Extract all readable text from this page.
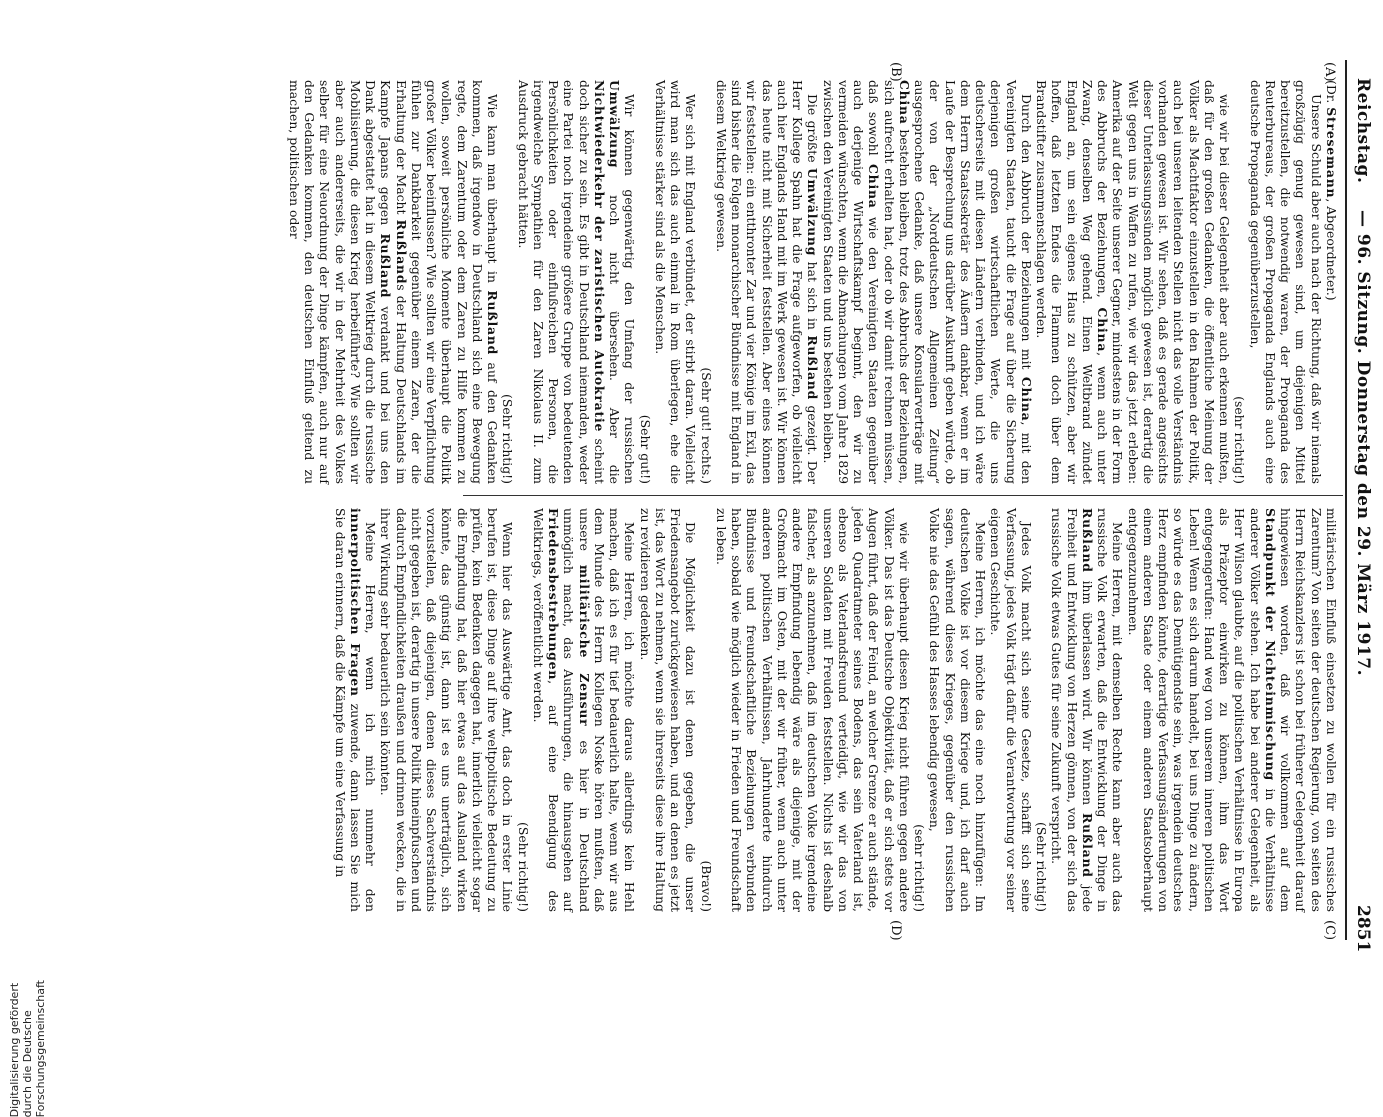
Reichstag.
— 96. Sitzung. Donnerstag den 29. März 1917.
2851
(A)
(B)
(C)
(D)

(Dr. Stresemann, Abgeordneter.)

Unsere Schuld aber auch nach der Richtung, daß wir niemals großzügig genug gewesen sind, um diejenigen Mittel bereitzustellen, die notwendig waren, der Propaganda des Reuterbureaus, der großen Propaganda Englands auch eine deutsche Propaganda gegenüberzustellen,

(sehr richtig!)

wie wir bei dieser Gelegenheit aber auch erkennen mußten, daß für den großen Gedanken, die öffentliche Meinung der Völker als Machtfaktor einzustellen in den Rahmen der Politik, auch bei unseren leitenden Stellen nicht das volle Verständnis vorhanden gewesen ist. Wir sehen, daß es gerade angesichts dieser Unterlassungssünden möglich gewesen ist, derartig die Welt gegen uns in Waffen zu rufen, wie wir das jetzt erleben: Amerika auf der Seite unserer Gegner, mindestens in der Form des Abbruchs der Beziehungen, China, wenn auch unter Zwang, denselben Weg gehend. Einen Weltbrand zündet England an, um sein eigenes Haus zu schützen, aber wir hoffen, daß letzten Endes die Flammen doch über dem Brandstifter zusammenschlagen werden.

Durch den Abbruch der Beziehungen mit China, mit den Vereinigten Staaten, taucht die Frage auf über die Sicherung derjenigen großen wirtschaftlichen Werte, die uns deutscherseits mit diesen Ländern verbinden, und ich wäre dem Herrn Staatssekretär des Äußern dankbar, wenn er im Laufe der Besprechung uns darüber Auskunft geben würde, ob der von der „Norddeutschen Allgemeinen Zeitung“ ausgesprochene Gedanke, daß unsere Konsularverträge mit China bestehen bleiben, trotz des Abbruchs der Beziehungen, sich aufrecht erhalten hat, oder ob wir damit rechnen müssen, daß sowohl China wie den Vereinigten Staaten gegenüber auch derjenige Wirtschaftskampf beginnt, den wir zu vermeiden wünschten, wenn die Abmachungen vom Jahre 1829 zwischen den Vereinigten Staaten und uns bestehen bleiben.

Die größte Umwälzung hat sich in Rußland gezeigt. Der Herr Kollege Spahn hat die Frage aufgeworfen, ob vielleicht auch hier Englands Hand mit im Werk gewesen ist. Wir können das heute nicht mit Sicherheit feststellen. Aber eines können wir feststellen: ein entthronter Zar und vier Könige im Exil, das sind bisher die Folgen monarchischer Bündnisse mit England in diesem Weltkrieg gewesen.

(Sehr gut! rechts.)

Wer sich mit England verbündet, der stirbt daran. Vielleicht wird man sich das auch einmal in Rom überlegen, ehe die Verhältnisse stärker sind als die Menschen.

(Sehr gut!)

Wir können gegenwärtig den Umfang der russischen Umwälzung noch nicht übersehen. Aber die Nichtwiederkehr der zaristischen Autokratie scheint doch sicher zu sein. Es gibt in Deutschland niemanden, weder eine Partei noch irgendeine größere Gruppe von bedeutenden Persönlichkeiten oder einflußreichen Personen, die irgendwelche Sympathien für den Zaren Nikolaus II. zum Ausdruck gebracht hätten.

(Sehr richtig!)

Wie kann man überhaupt in Rußland auf den Gedanken kommen, daß irgendwo in Deutschland sich eine Bewegung regte, dem Zarentum oder dem Zaren zu Hilfe kommen zu wollen, soweit persönliche Momente überhaupt die Politik großer Völker beeinflussen? Wie sollten wir eine Verpflichtung fühlen zur Dankbarkeit gegenüber einem Zaren, der die Erhaltung der Macht Rußlands der Haltung Deutschlands im Kampfe Japans gegen Rußland verdankt und bei uns den Dank abgestattet hat in diesem Weltkrieg durch die russische Mobilisierung, die diesen Krieg herbeiführte? Wie sollten wir aber auch andererseits, die wir in der Mehrheit des Volkes selber für eine Neuordnung der Dinge kämpfen, auch nur auf den Gedanken kommen, den deutschen Einfluß geltend zu machen, politischen oder

militärischen Einfluß einsetzen zu wollen für ein russisches Zarentum? Von seiten der deutschen Regierung, von seiten des Herrn Reichskanzlers ist schon bei früherer Gelegenheit darauf hingewiesen worden, daß wir vollkommen auf dem Standpunkt der Nichteinmischung in die Verhältnisse anderer Völker stehen. Ich habe bei anderer Gelegenheit, als Herr Wilson glaubte, auf die politischen Verhältnisse in Europa als Präzeptor einwirken zu können, ihm das Wort entgegengerufen: Hand weg von unserem inneren politischen Leben! Wenn es sich darum handelt, bei uns Dinge zu ändern, so würde es das Demütigendste sein, was irgendein deutsches Herz empfinden könnte, derartige Verfassungsänderungen von einem anderen Staate oder einem anderen Staatsoberhaupt entgegenzunehmen.

Meine Herren, mit demselben Rechte kann aber auch das russische Volk erwarten, daß die Entwicklung der Dinge in Rußland ihm überlassen wird. Wir können Rußland jede Freiheit und Entwicklung von Herzen gönnen, von der sich das russische Volk etwas Gutes für seine Zukunft verspricht.

(Sehr richtig!)

Jedes Volk macht sich seine Gesetze, schafft sich seine Verfassung, jedes Volk trägt dafür die Verantwortung vor seiner eigenen Geschichte.

Meine Herren, ich möchte das eine noch hinzufügen: Im deutschen Volke ist vor diesem Kriege und, ich darf auch sagen, während dieses Krieges, gegenüber den russischen Volke nie das Gefühl des Hasses lebendig gewesen,

(sehr richtig!)

wie wir überhaupt diesen Krieg nicht führen gegen andere Völker. Das ist das Deutsche Objektivität, daß er sich stets vor Augen führt, daß der Feind, an welcher Grenze er auch stände, jeden Quadratmeter seines Bodens, das sein Vaterland ist, ebenso als Vaterlandsfreund verteidigt, wie wir das von unseren Soldaten mit Freuden feststellen. Nichts ist deshalb falscher, als anzunehmen, daß im deutschen Volke irgendeine andere Empfindung lebendig wäre als diejenige, mit der Großmacht im Osten, mit der wir früher, wenn auch unter anderen politischen Verhältnissen, Jahrhunderte hindurch Bündnisse und freundschaftliche Beziehungen verbunden haben, sobald wie möglich wieder in Frieden und Freundschaft zu leben.

(Bravo!)

Die Möglichkeit dazu ist denen gegeben, die unser Friedensangebot zurückgewiesen haben, und an denen es jetzt ist, das Wort zu nehmen, wenn sie ihrerseits diese ihre Haltung zu revidieren gedenken.

Meine Herren, ich möchte daraus allerdings kein Hehl machen, daß ich es für tief bedauerlich halte, wenn wir aus dem Munde des Herrn Kollegen Noske hören mußten, daß unsere militärische Zensur es hier in Deutschland unmöglich macht, das Ausführungen, die hinausgehen auf Friedensbestrebungen, auf eine Beendigung des Weltkriegs, veröffentlicht werden.

(Sehr richtig!)

Wenn hier das Auswärtige Amt, das doch in erster Linie berufen ist, diese Dinge auf ihre weltpolitische Bedeutung zu prüfen, kein Bedenken dagegen hat, innerlich vielleicht sogar die Empfindung hat, daß hier etwas auf das Ausland wirken könnte, das günstig ist, dann ist es uns unerträglich, sich vorzustellen, daß diejenigen, denen dieses Sachverständnis nicht gegeben ist, derartig in unsere Politik hineinpfuschen und dadurch Empfindlichkeiten draußen und drinnen wecken, die in ihrer Wirkung sehr bedauerlich sein könnten.

Meine Herren, wenn ich mich nunmehr den innerpolitischen Fragen zuwende, dann lassen Sie mich Sie daran erinnern, daß die Kämpfe um eine Verfassung in

Digitalisierung gefördert durch die Deutsche Forschungsgemeinschaft
